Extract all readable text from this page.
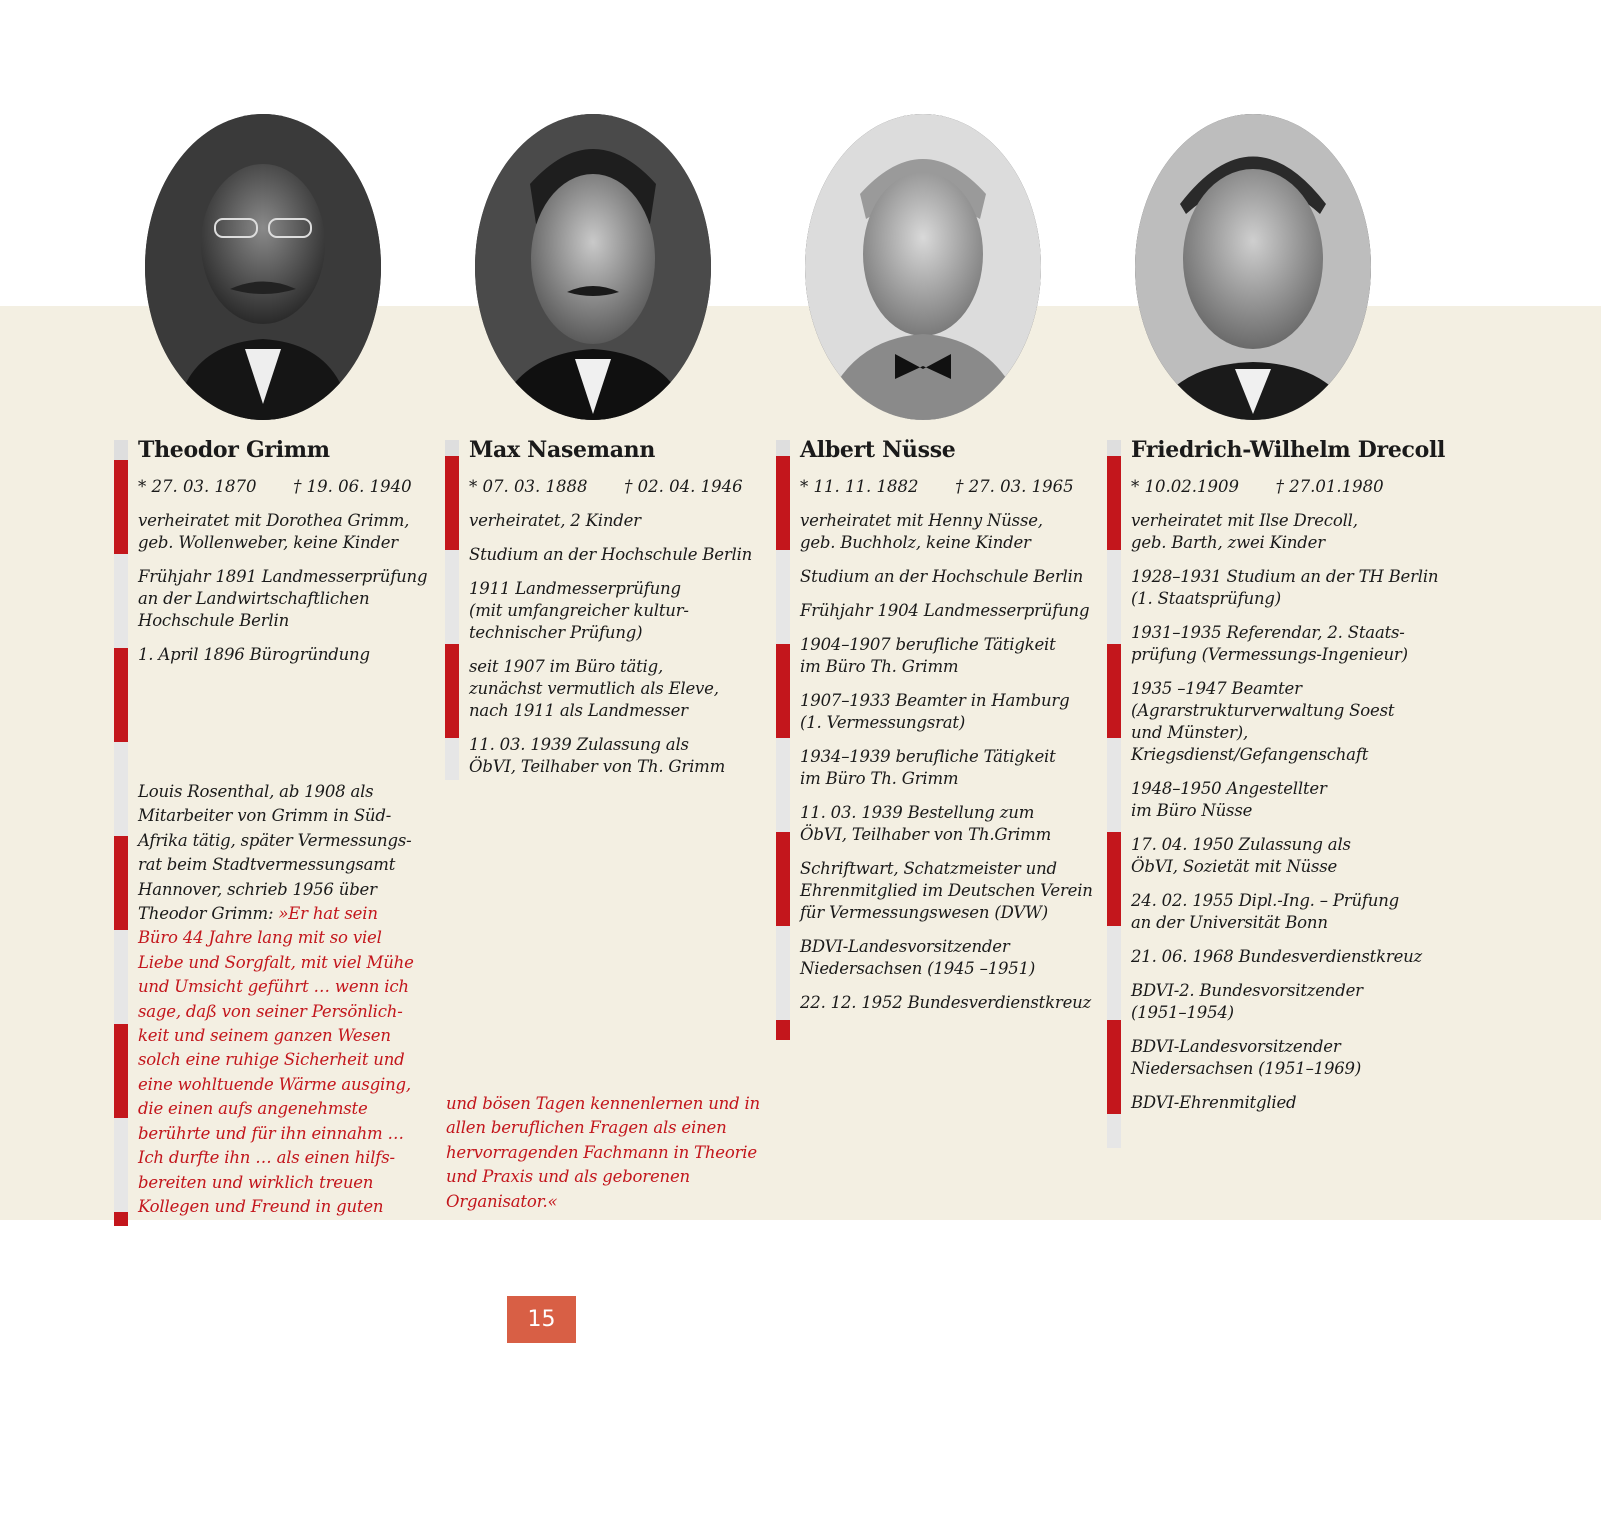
Theodor Grimm
* 27. 03. 1870       † 19. 06. 1940
verheiratet mit Dorothea Grimm, geb. Wollenweber, keine Kinder
Frühjahr 1891 Landmesserprüfung an der Landwirtschaftlichen Hochschule Berlin
1. April 1896 Bürogründung
Max Nasemann
* 07. 03. 1888       † 02. 04. 1946
verheiratet, 2 Kinder
Studium an der Hochschule Berlin
1911 Landmesserprüfung (mit umfangreicher kultur-technischer Prüfung)
seit 1907 im Büro tätig, zunächst vermutlich als Eleve, nach 1911 als Landmesser
11. 03. 1939 Zulassung als ÖbVI, Teilhaber von Th. Grimm
Albert Nüsse
* 11. 11. 1882       † 27. 03. 1965
verheiratet mit Henny Nüsse, geb. Buchholz, keine Kinder
Studium an der Hochschule Berlin
Frühjahr 1904 Landmesserprüfung
1904–1907 berufliche Tätigkeit im Büro Th. Grimm
1907–1933 Beamter in Hamburg (1. Vermessungsrat)
1934–1939 berufliche Tätigkeit im Büro Th. Grimm
11. 03. 1939 Bestellung zum ÖbVI, Teilhaber von Th.Grimm
Schriftwart, Schatzmeister und Ehrenmitglied im Deutschen Verein für Vermessungswesen (DVW)
BDVI-Landesvorsitzender Niedersachsen (1945 –1951)
22. 12. 1952 Bundesverdienstkreuz
Friedrich-Wilhelm Drecoll
* 10.02.1909       † 27.01.1980
verheiratet mit Ilse Drecoll, geb. Barth, zwei Kinder
1928–1931 Studium an der TH Berlin (1. Staatsprüfung)
1931–1935 Referendar, 2. Staats-prüfung (Vermessungs-Ingenieur)
1935 –1947 Beamter (Agrarstrukturverwaltung Soest und Münster), Kriegsdienst/Gefangenschaft
1948–1950 Angestellter im Büro Nüsse
17. 04. 1950 Zulassung als ÖbVI, Sozietät mit Nüsse
24. 02. 1955 Dipl.-Ing. – Prüfung an der Universität Bonn
21. 06. 1968 Bundesverdienstkreuz
BDVI-2. Bundesvorsitzender (1951–1954)
BDVI-Landesvorsitzender Niedersachsen (1951–1969)
BDVI-Ehrenmitglied
Louis Rosenthal, ab 1908 als Mitarbeiter von Grimm in Süd-Afrika tätig, später Vermessungs-rat beim Stadtvermessungsamt Hannover, schrieb 1956 über Theodor Grimm: »Er hat sein Büro 44 Jahre lang mit so viel Liebe und Sorgfalt, mit viel Mühe und Umsicht geführt … wenn ich sage, daß von seiner Persönlich-keit und seinem ganzen Wesen solch eine ruhige Sicherheit und eine wohltuende Wärme ausging, die einen aufs angenehmste berührte und für ihn einnahm … Ich durfte ihn … als einen hilfs-bereiten und wirklich treuen Kollegen und Freund in guten
und bösen Tagen kennenlernen und in allen beruflichen Fragen als einen hervorragenden Fachmann in Theorie und Praxis und als geborenen Organisator.«
15
